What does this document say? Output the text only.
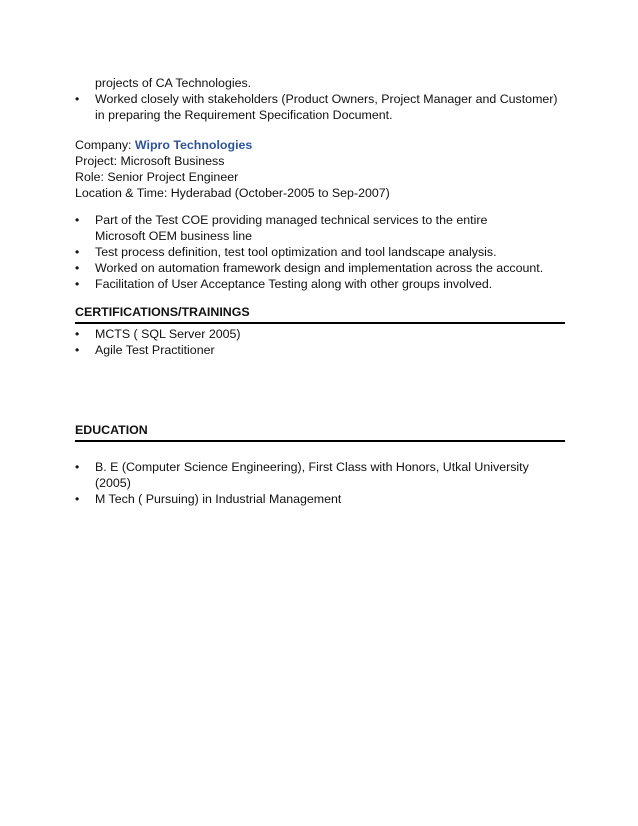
projects of CA Technologies.
• Worked closely with stakeholders (Product Owners, Project Manager and Customer) in preparing the Requirement Specification Document.
Company: Wipro Technologies
Project: Microsoft Business
Role: Senior Project Engineer
Location & Time: Hyderabad (October-2005 to Sep-2007)
• Part of the Test COE providing managed technical services to the entire Microsoft OEM business line
• Test process definition, test tool optimization and tool landscape analysis.
• Worked on automation framework design and implementation across the account.
• Facilitation of User Acceptance Testing along with other groups involved.
CERTIFICATIONS/TRAININGS
• MCTS ( SQL Server 2005)
• Agile Test Practitioner
EDUCATION
• B. E (Computer Science Engineering), First Class with Honors, Utkal University (2005)
• M Tech ( Pursuing) in Industrial Management
